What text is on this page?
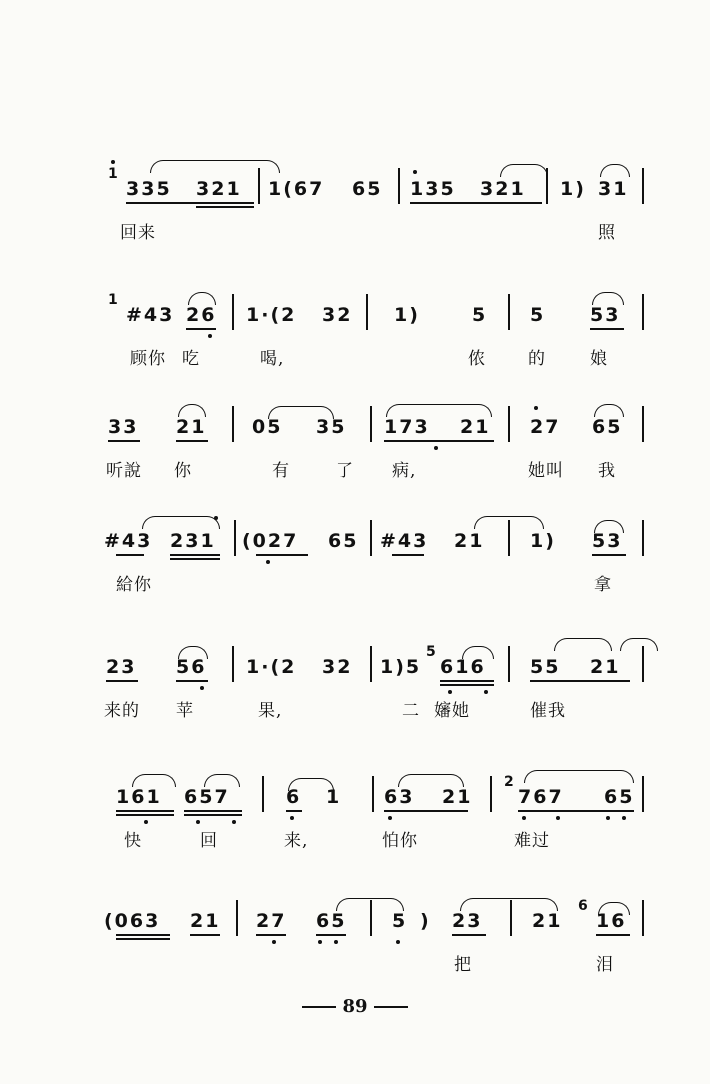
1
335 321 1(67 65 135 321 1) 31
回来	照
1
#43 26 1·(2 32 1)	5 5 53
顾你 吃	喝,	侬 的	娘
33 21 05 35 173 21 27 65
听說 你	有	了 病,	她叫 我
#43 231 (027 65 #43 21 1) 53
給你	拿
23 56 1·(2 32 1)5
5
616 55 21
来的 苹	果,	二 嬸她	催我
161 657	6 1 63 21
2
767 65
快	回	来,	怕你	难过
(063 21 27 65 5 ) 23	21
6
16
把	泪
89
